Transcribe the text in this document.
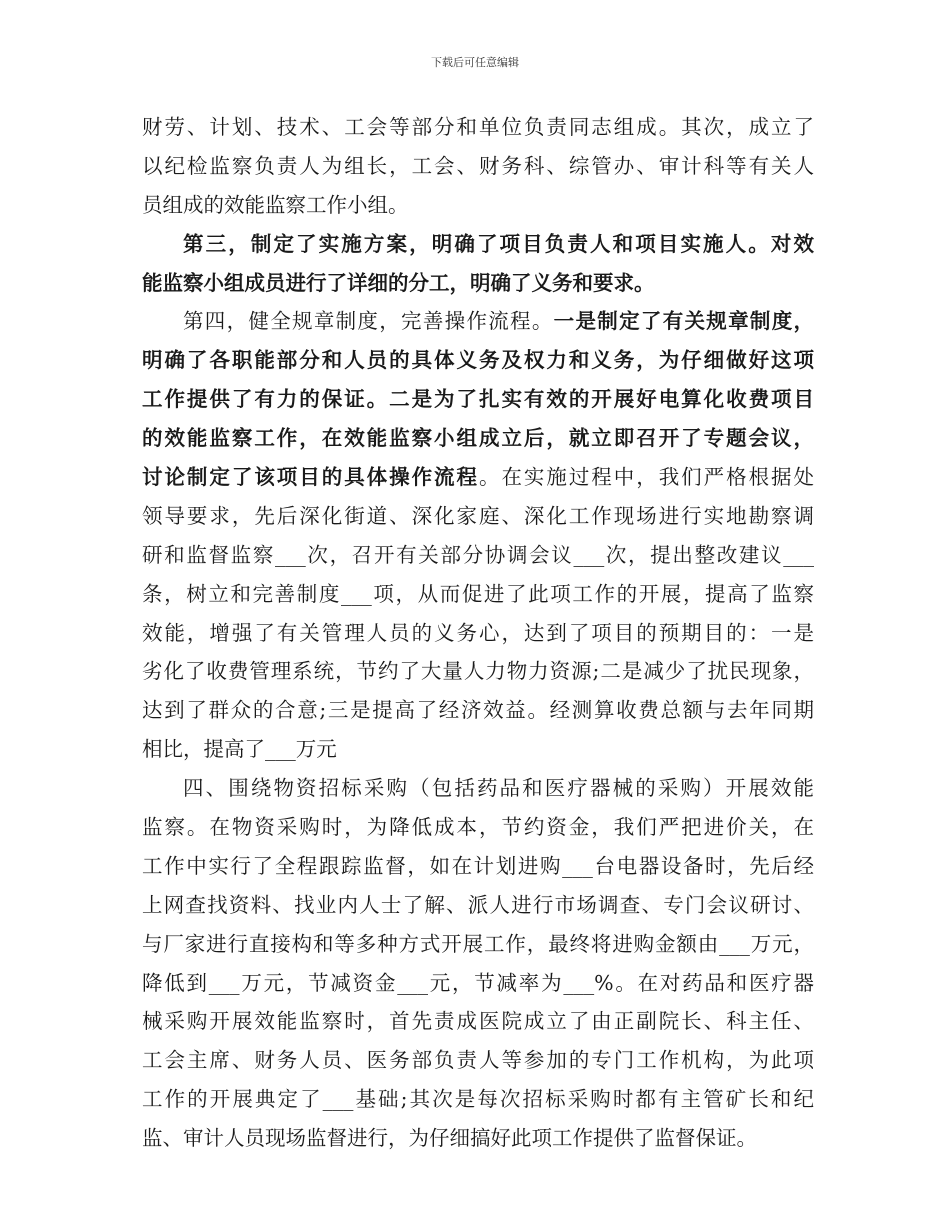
下载后可任意编辑
财劳、计划、技术、工会等部分和单位负责同志组成。其次，成立了
以纪检监察负责人为组长，工会、财务科、综管办、审计科等有关人
员组成的效能监察工作小组。
第三，制定了实施方案，明确了项目负责人和项目实施人。对效
能监察小组成员进行了详细的分工，明确了义务和要求。
第四，健全规章制度，完善操作流程。一是制定了有关规章制度，
明确了各职能部分和人员的具体义务及权力和义务，为仔细做好这项
工作提供了有力的保证。二是为了扎实有效的开展好电算化收费项目
的效能监察工作，在效能监察小组成立后，就立即召开了专题会议，
讨论制定了该项目的具体操作流程。在实施过程中，我们严格根据处
领导要求，先后深化街道、深化家庭、深化工作现场进行实地勘察调
研和监督监察___次，召开有关部分协调会议___次，提出整改建议___
条，树立和完善制度___项，从而促进了此项工作的开展，提高了监察
效能，增强了有关管理人员的义务心，达到了项目的预期目的：一是
劣化了收费管理系统，节约了大量人力物力资源;二是减少了扰民现象，
达到了群众的合意;三是提高了经济效益。经测算收费总额与去年同期
相比，提高了___万元
四、围绕物资招标采购（包括药品和医疗器械的采购）开展效能
监察。在物资采购时，为降低成本，节约资金，我们严把进价关，在
工作中实行了全程跟踪监督，如在计划进购___台电器设备时，先后经
上网查找资料、找业内人士了解、派人进行市场调查、专门会议研讨、
与厂家进行直接构和等多种方式开展工作，最终将进购金额由___万元，
降低到___万元，节减资金___元，节减率为___%。在对药品和医疗器
械采购开展效能监察时，首先责成医院成立了由正副院长、科主任、
工会主席、财务人员、医务部负责人等参加的专门工作机构，为此项
工作的开展典定了___基础;其次是每次招标采购时都有主管矿长和纪
监、审计人员现场监督进行，为仔细搞好此项工作提供了监督保证。
